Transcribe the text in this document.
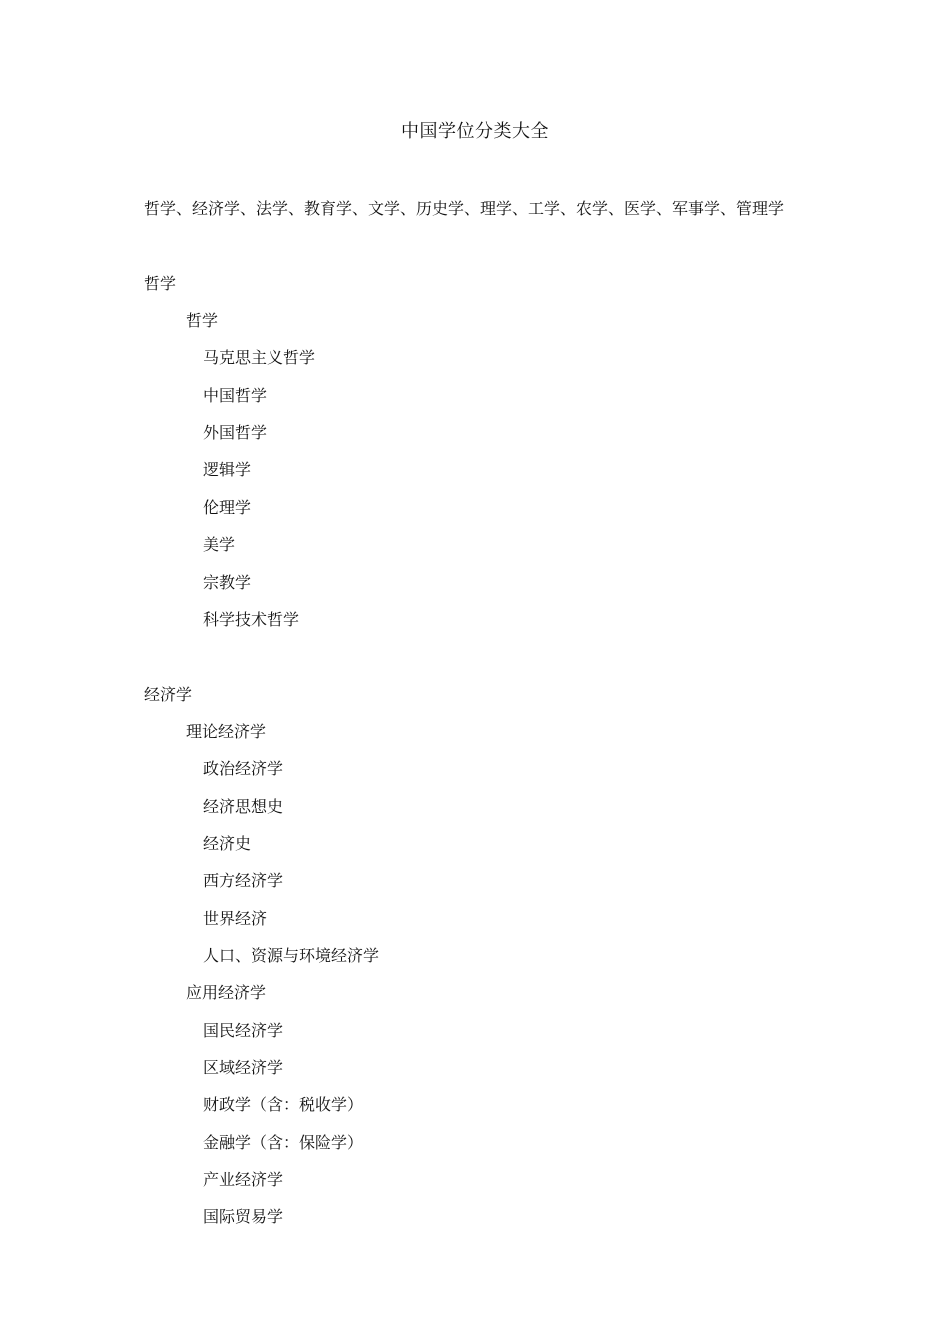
中国学位分类大全
哲学、经济学、法学、教育学、文学、历史学、理学、工学、农学、医学、军事学、管理学
哲学
哲学
马克思主义哲学
中国哲学
外国哲学
逻辑学
伦理学
美学
宗教学
科学技术哲学
经济学
理论经济学
政治经济学
经济思想史
经济史
西方经济学
世界经济
人口、资源与环境经济学
应用经济学
国民经济学
区域经济学
财政学（含：税收学）
金融学（含：保险学）
产业经济学
国际贸易学
